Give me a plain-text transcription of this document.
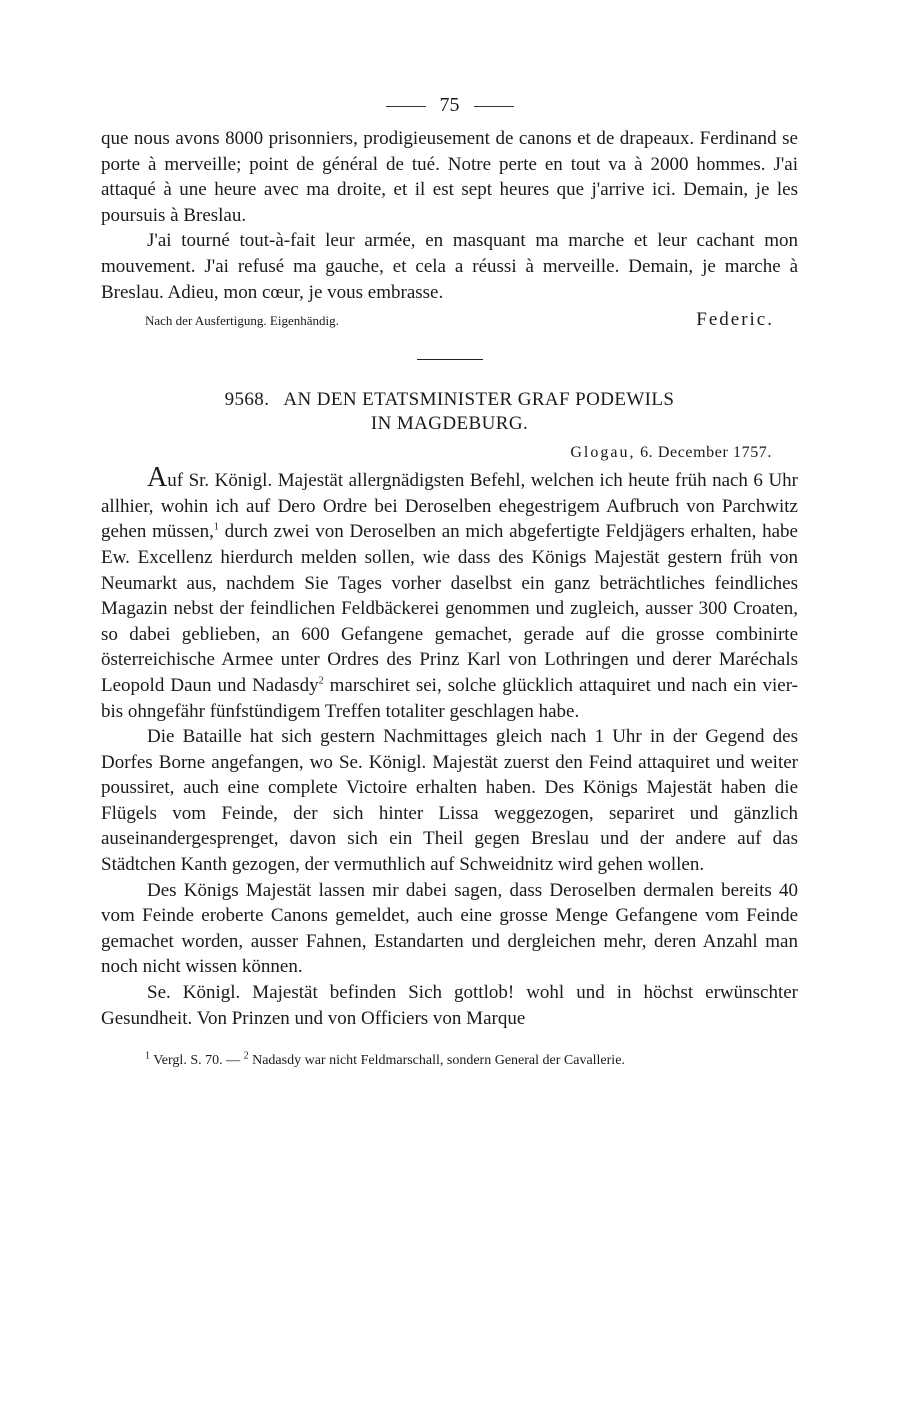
75

que nous avons 8000 prisonniers, prodigieusement de canons et de drapeaux. Ferdinand se porte à merveille; point de général de tué. Notre perte en tout va à 2000 hommes. J'ai attaqué à une heure avec ma droite, et il est sept heures que j'arrive ici. Demain, je les poursuis à Breslau.

J'ai tourné tout-à-fait leur armée, en masquant ma marche et leur cachant mon mouvement. J'ai refusé ma gauche, et cela a réussi à merveille. Demain, je marche à Breslau. Adieu, mon cœur, je vous embrasse.

Nach der Ausfertigung. Eigenhändig.	Federic.
9568. AN DEN ETATSMINISTER GRAF PODEWILS
IN MAGDEBURG.
Glogau, 6. December 1757.

Auf Sr. Königl. Majestät allergnädigsten Befehl, welchen ich heute früh nach 6 Uhr allhier, wohin ich auf Dero Ordre bei Deroselben ehegestrigem Aufbruch von Parchwitz gehen müssen,$^1$ durch zwei von Deroselben an mich abgefertigte Feldjägers erhalten, habe Ew. Excellenz hierdurch melden sollen, wie dass des Königs Majestät gestern früh von Neumarkt aus, nachdem Sie Tages vorher daselbst ein ganz beträchtliches feindliches Magazin nebst der feindlichen Feldbäckerei genommen und zugleich, ausser 300 Croaten, so dabei geblieben, an 600 Gefangene gemachet, gerade auf die grosse combinirte österreichische Armee unter Ordres des Prinz Karl von Lothringen und derer Maréchals Leopold Daun und Nadasdy$^2$ marschiret sei, solche glücklich attaquiret und nach ein vier- bis ohngefähr fünfstündigem Treffen totaliter geschlagen habe.

Die Bataille hat sich gestern Nachmittages gleich nach 1 Uhr in der Gegend des Dorfes Borne angefangen, wo Se. Königl. Majestät zuerst den Feind attaquiret und weiter poussiret, auch eine complete Victoire erhalten haben. Des Königs Majestät haben die Flügels vom Feinde, der sich hinter Lissa weggezogen, separiret und gänzlich auseinandergesprenget, davon sich ein Theil gegen Breslau und der andere auf das Städtchen Kanth gezogen, der vermuthlich auf Schweidnitz wird gehen wollen.

Des Königs Majestät lassen mir dabei sagen, dass Deroselben dermalen bereits 40 vom Feinde eroberte Canons gemeldet, auch eine grosse Menge Gefangene vom Feinde gemachet worden, ausser Fahnen, Estandarten und dergleichen mehr, deren Anzahl man noch nicht wissen können.

Se. Königl. Majestät befinden Sich gottlob! wohl und in höchst erwünschter Gesundheit. Von Prinzen und von Officiers von Marque

$^1$ Vergl. S. 70. — $^2$ Nadasdy war nicht Feldmarschall, sondern General der Cavallerie.
